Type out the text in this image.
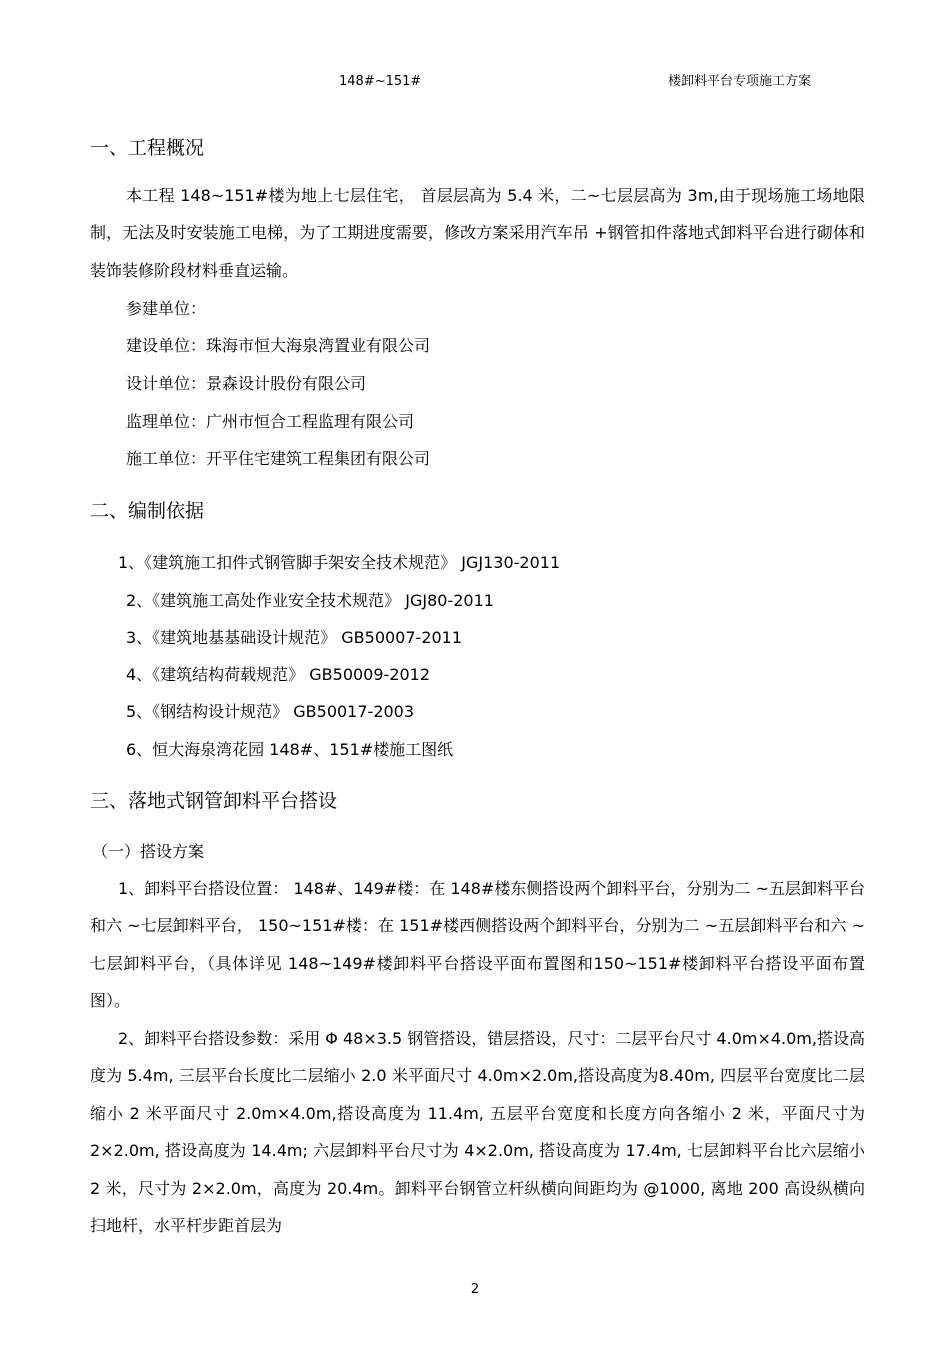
148#~151#	楼卸料平台专项施工方案
一、工程概况

本工程 148~151#楼为地上七层住宅， 首层层高为 5.4 米，二~七层层高为 3m,由于现场施工场地限制，无法及时安装施工电梯，为了工期进度需要，修改方案采用汽车吊 +钢管扣件落地式卸料平台进行砌体和装饰装修阶段材料垂直运输。

参建单位：
建设单位：珠海市恒大海泉湾置业有限公司
设计单位：景森设计股份有限公司
监理单位：广州市恒合工程监理有限公司
施工单位：开平住宅建筑工程集团有限公司
二、编制依据
1、《建筑施工扣件式钢管脚手架安全技术规范》 JGJ130-2011
2、《建筑施工高处作业安全技术规范》 JGJ80-2011
3、《建筑地基基础设计规范》 GB50007-2011
4、《建筑结构荷载规范》 GB50009-2012
5、《钢结构设计规范》 GB50017-2003
6、恒大海泉湾花园 148#、151#楼施工图纸
三、落地式钢管卸料平台搭设
（一）搭设方案

1、卸料平台搭设位置： 148#、149#楼：在 148#楼东侧搭设两个卸料平台，分别为二 ~五层卸料平台和六 ~七层卸料平台， 150~151#楼：在 151#楼西侧搭设两个卸料平台，分别为二 ~五层卸料平台和六 ~七层卸料平台，（具体详见 148~149#楼卸料平台搭设平面布置图和150~151#楼卸料平台搭设平面布置图）。

2、卸料平台搭设参数：采用 Φ 48×3.5 钢管搭设，错层搭设，尺寸：二层平台尺寸 4.0m×4.0m,搭设高度为 5.4m, 三层平台长度比二层缩小 2.0 米平面尺寸 4.0m×2.0m,搭设高度为8.40m, 四层平台宽度比二层缩小 2 米平面尺寸 2.0m×4.0m,搭设高度为 11.4m, 五层平台宽度和长度方向各缩小 2 米，平面尺寸为 2×2.0m, 搭设高度为 14.4m; 六层卸料平台尺寸为 4×2.0m, 搭设高度为 17.4m, 七层卸料平台比六层缩小 2 米，尺寸为 2×2.0m，高度为 20.4m。卸料平台钢管立杆纵横向间距均为 @1000, 离地 200 高设纵横向扫地杆，水平杆步距首层为

2
